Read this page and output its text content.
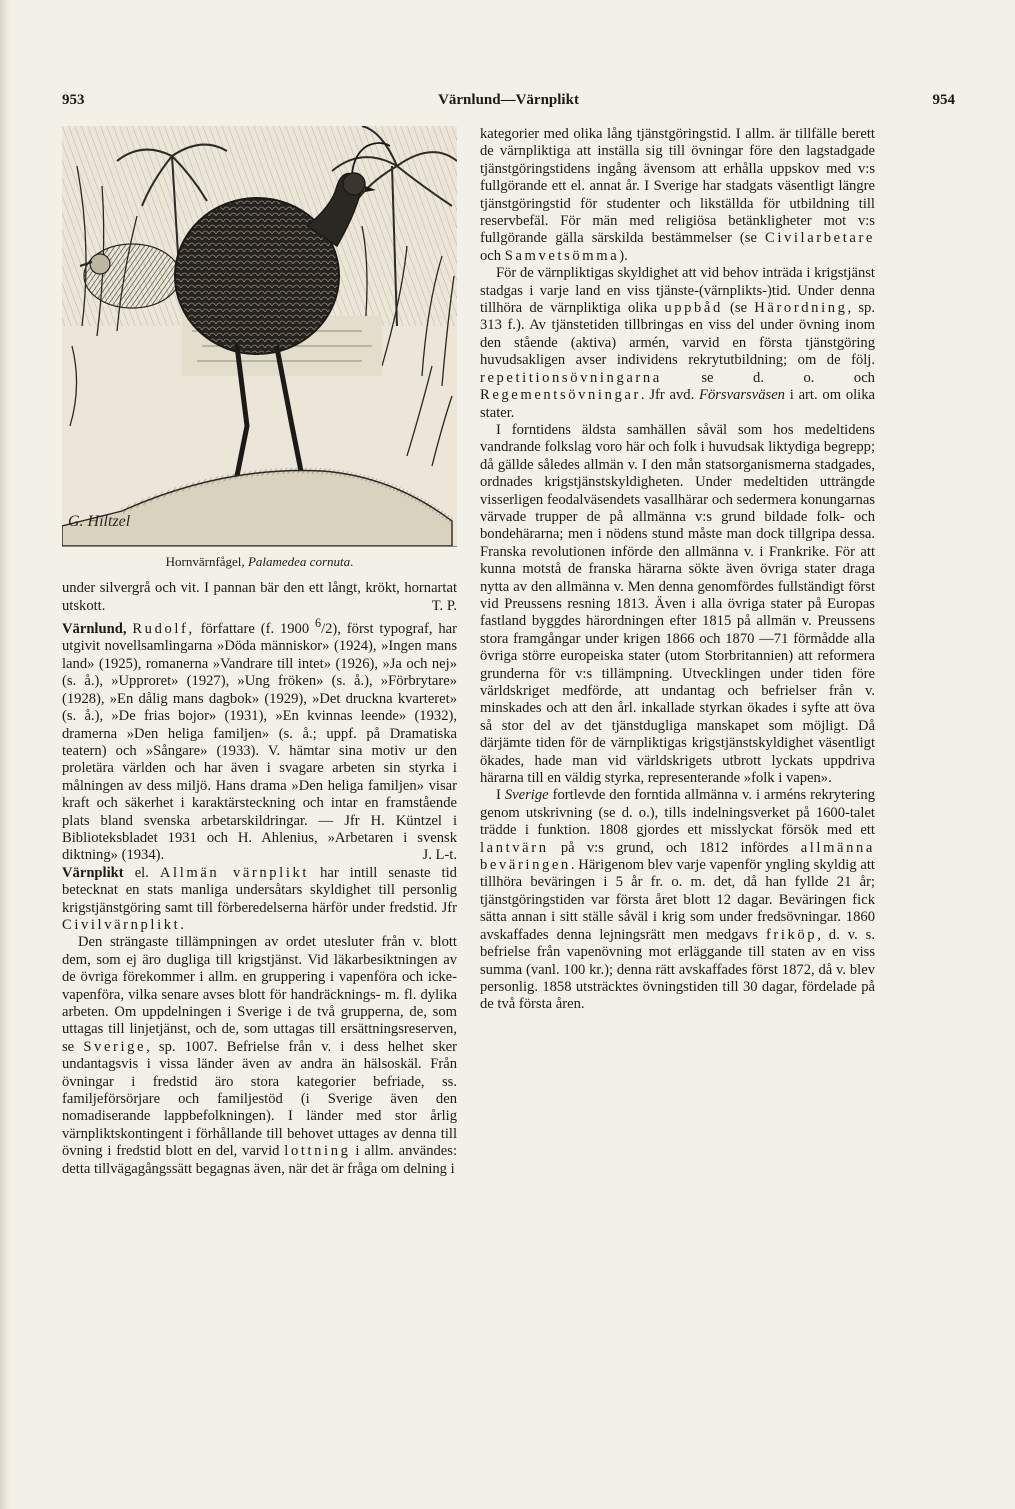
953	Värnlund—Värnplikt	954
G. Hiltzel
Hornvärnfågel, Palamedea cornuta.

under silvergrå och vit. I pannan bär den ett långt, krökt, hornartat utskott.	T. P.

Värnlund, Rudolf, författare (f. 1900 $^6$/2), först typograf, har utgivit novellsamlingarna »Döda människor» (1924), »Ingen mans land» (1925), romanerna »Vandrare till intet» (1926), »Ja och nej» (s. å.), »Upproret» (1927), »Ung fröken» (s. å.), »Förbrytare» (1928), »En dålig mans dagbok» (1929), »Det druckna kvarteret» (s. å.), »De frias bojor» (1931), »En kvinnas leende» (1932), dramerna »Den heliga familjen» (s. å.; uppf. på Dramatiska teatern) och »Sångare» (1933). V. hämtar sina motiv ur den proletära världen och har även i svagare arbeten sin styrka i målningen av dess miljö. Hans drama »Den heliga familjen» visar kraft och säkerhet i karaktärsteckning och intar en framstående plats bland svenska arbetarskildringar. — Jfr H. Küntzel i Biblioteksbladet 1931 och H. Ahlenius, »Arbetaren i svensk diktning» (1934).	J. L-t.

Värnplikt el. Allmän värnplikt har intill senaste tid betecknat en stats manliga undersåtars skyldighet till personlig krigstjänstgöring samt till förberedelserna härför under fredstid. Jfr Civilvärnplikt.

Den strängaste tillämpningen av ordet utesluter från v. blott dem, som ej äro dugliga till krigstjänst. Vid läkarbesiktningen av de övriga förekommer i allm. en gruppering i vapenföra och icke-vapenföra, vilka senare avses blott för handräcknings- m. fl. dylika arbeten. Om uppdelningen i Sverige i de två grupperna, de, som uttagas till linjetjänst, och de, som uttagas till ersättningsreserven, se Sverige, sp. 1007. Befrielse från v. i dess helhet sker undantagsvis i vissa länder även av andra än hälsoskäl. Från övningar i fredstid äro stora kategorier befriade, ss. familjeförsörjare och familjestöd (i Sverige även den nomadiserande lappbefolkningen). I länder med stor årlig värnpliktskontingent i förhållande till behovet uttages av denna till övning i fredstid blott en del, varvid lottning i allm. användes: detta tillvägagångssätt begagnas även, när det är fråga om delning i

kategorier med olika lång tjänstgöringstid. I allm. är tillfälle berett de värnpliktiga att inställa sig till övningar före den lagstadgade tjänstgöringstidens ingång ävensom att erhålla uppskov med v:s fullgörande ett el. annat år. I Sverige har stadgats väsentligt längre tjänstgöringstid för studenter och likställda för utbildning till reservbefäl. För män med religiösa betänkligheter mot v:s fullgörande gälla särskilda bestämmelser (se Civilarbetare och Samvetsömma).

För de värnpliktigas skyldighet att vid behov inträda i krigstjänst stadgas i varje land en viss tjänste-(värnplikts-)tid. Under denna tillhöra de värnpliktiga olika uppbåd (se Härordning, sp. 313 f.). Av tjänstetiden tillbringas en viss del under övning inom den stående (aktiva) armén, varvid en första tjänstgöring huvudsakligen avser individens rekrytutbildning; om de följ. repetitionsövningarna	se d. o. och Regementsövningar. Jfr avd. Försvarsväsen i art. om olika stater.

I forntidens äldsta samhällen såväl som hos medeltidens vandrande folkslag voro här och folk i huvudsak liktydiga begrepp; då gällde således allmän v. I den mån statsorganismerna stadgades, ordnades krigstjänstskyldigheten. Under medeltiden utträngde visserligen feodalväsendets vasallhärar och sedermera konungarnas värvade trupper de på allmänna v:s grund bildade folk- och bondehärarna; men i nödens stund måste man dock tillgripa dessa. Franska revolutionen införde den allmänna v. i Frankrike. För att kunna motstå de franska härarna sökte även övriga stater draga nytta av den allmänna v. Men denna genomfördes fullständigt först vid Preussens resning 1813. Även i alla övriga stater på Europas fastland byggdes härordningen efter 1815 på allmän v. Preussens stora framgångar under krigen 1866 och 1870 —71 förmådde alla övriga större europeiska stater (utom Storbritannien) att reformera grunderna för v:s tillämpning. Utvecklingen under tiden före världskriget medförde, att undantag och befrielser från v. minskades och att den årl. inkallade styrkan ökades i syfte att öva så stor del av det tjänstdugliga manskapet som möjligt. Då därjämte tiden för de värnpliktigas krigstjänstskyldighet väsentligt ökades, hade man vid världskrigets utbrott lyckats uppdriva härarna till en väldig styrka, representerande »folk i vapen».

I Sverige fortlevde den forntida allmänna v. i arméns rekrytering genom utskrivning (se d. o.), tills indelningsverket på 1600-talet trädde i funktion. 1808 gjordes ett misslyckat försök med ett lantvärn på v:s grund, och 1812 infördes allmänna beväringen. Härigenom blev varje vapenför yngling skyldig att tillhöra beväringen i 5 år fr. o. m. det, då han fyllde 21 år; tjänstgöringstiden var första året blott 12 dagar. Beväringen fick sätta annan i sitt ställe såväl i krig som under fredsövningar. 1860 avskaffades denna lejningsrätt men medgavs friköp, d. v. s. befrielse från vapenövning mot erläggande till staten av en viss summa (vanl. 100 kr.); denna rätt avskaffades först 1872, då v. blev personlig. 1858 utsträcktes övningstiden till 30 dagar, fördelade på de två första åren.
